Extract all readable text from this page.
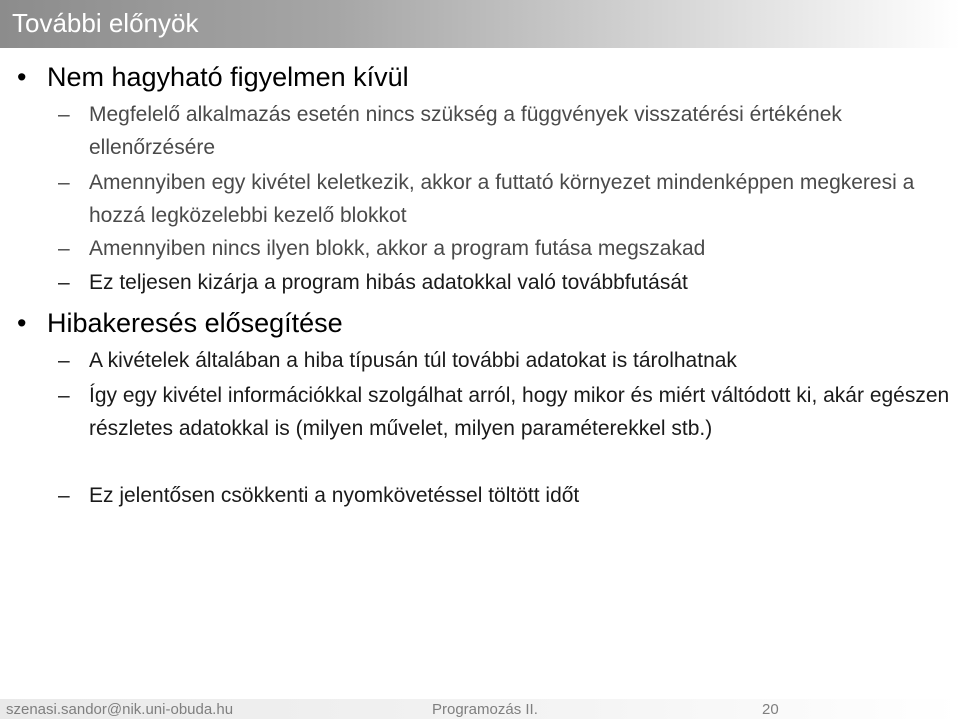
További előnyök
• Nem hagyható figyelmen kívül
– Megfelelő alkalmazás esetén nincs szükség a függvények visszatérési értékének ellenőrzésére
– Amennyiben egy kivétel keletkezik, akkor a futtató környezet mindenképpen megkeresi a hozzá legközelebbi kezelő blokkot
– Amennyiben nincs ilyen blokk, akkor a program futása megszakad
– Ez teljesen kizárja a program hibás adatokkal való továbbfutását
• Hibakeresés elősegítése
– A kivételek általában a hiba típusán túl további adatokat is tárolhatnak
– Így egy kivétel információkkal szolgálhat arról, hogy mikor és miért váltódott ki, akár egészen részletes adatokkal is (milyen művelet, milyen paraméterekkel stb.)
– Ez jelentősen csökkenti a nyomkövetéssel töltött időt
szenasi.sandor@nik.uni-obuda.hu	Programozás II.	20
